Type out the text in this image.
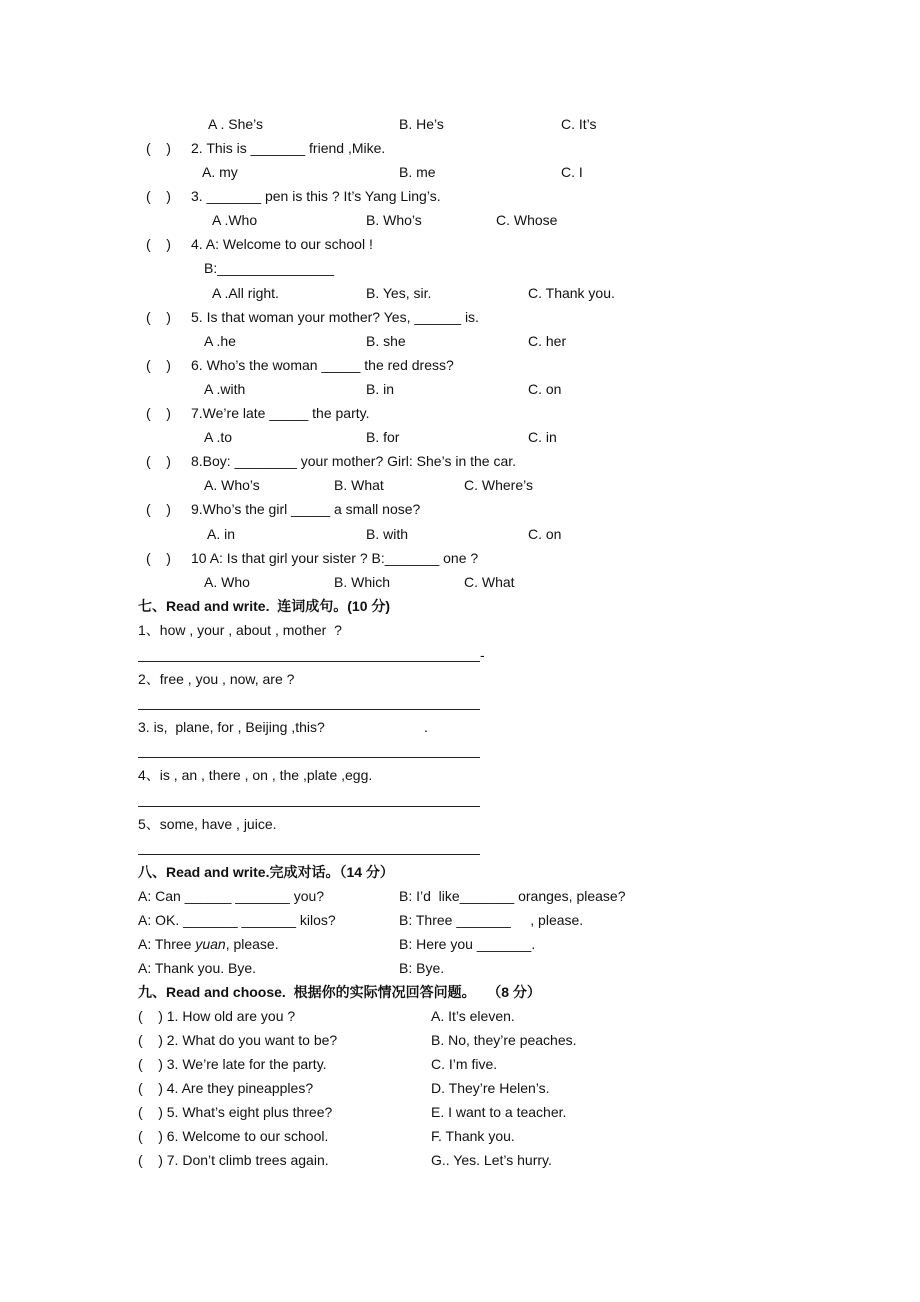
A . She’s	B. He’s	C. It’s
(    ) 2. This is _______ friend ,Mike.
A. my	B. me	C. I
(    ) 3. _______ pen is this ? It’s Yang Ling’s.
A .Who	B. Who’s	C. Whose
(    ) 4. A: Welcome to our school !
B:_______________
A .All right.	B. Yes, sir.	C. Thank you.
(    ) 5. Is that woman your mother? Yes, ______ is.
A .he	B. she	C. her
(    ) 6. Who’s the woman _____ the red dress?
A .with	B. in	C. on
(    ) 7.We’re late _____ the party.
A .to	B. for	C. in
(    ) 8.Boy: ________ your mother? Girl: She’s in the car.
A. Who’s	B. What	C. Where’s
(    ) 9.Who’s the girl _____ a small nose?
A. in	B. with	C. on
(    ) 10 A: Is that girl your sister ? B:_______ one ?
A. Who	B. Which	C. What
七、Read and write.  连词成句。(10 分)
1、how , your , about , mother  ?
-
2、free , you , now, are ?
3. is,  plane, for , Beijing ,this?	.
4、is , an , there , on , the ,plate ,egg.
5、some, have , juice.
八、Read and write.完成对话。（14 分）
A: Can ______ _______ you?	B: I’d  like_______ oranges, please?
A: OK. _______ _______ kilos?	B: Three _______     , please.
A: Three yuan, please.	B: Here you _______.
A: Thank you. Bye.	B: Bye.
九、Read and choose.  根据你的实际情况回答问题。   （8 分）
(    ) 1. How old are you ?	A. It’s eleven.
(    ) 2. What do you want to be?	B. No, they’re peaches.
(    ) 3. We’re late for the party.	C. I’m five.
(    ) 4. Are they pineapples?	D. They’re Helen’s.
(    ) 5. What’s eight plus three?	E. I want to a teacher.
(    ) 6. Welcome to our school.	F. Thank you.
(    ) 7. Don’t climb trees again.	G.. Yes. Let’s hurry.
